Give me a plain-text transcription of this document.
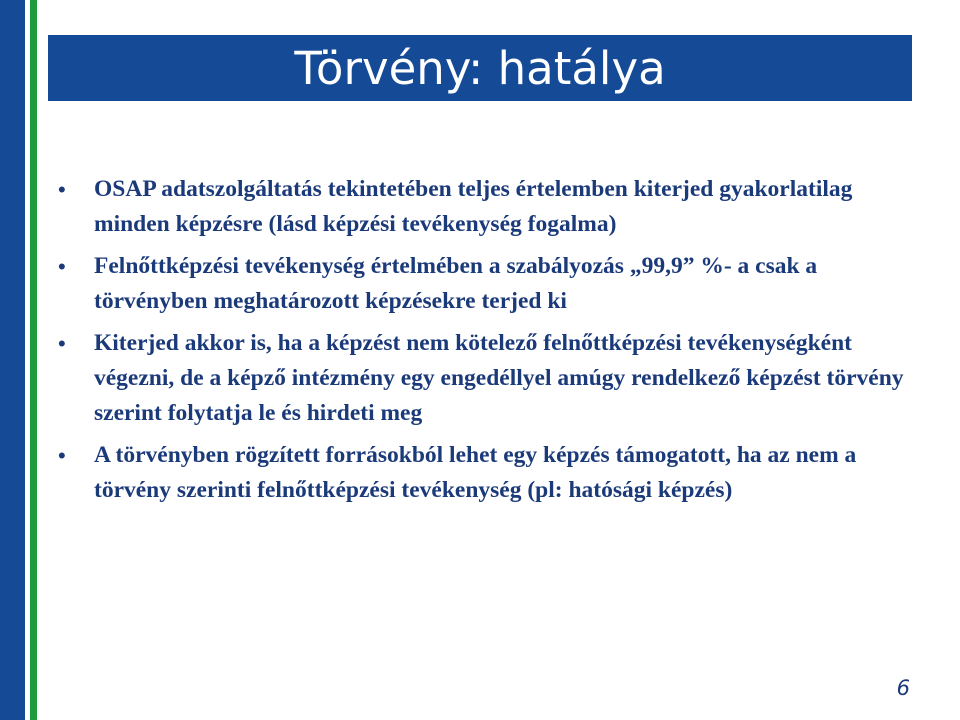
Törvény: hatálya
• OSAP adatszolgáltatás tekintetében teljes értelemben kiterjed gyakorlatilag minden képzésre (lásd képzési tevékenység fogalma)
• Felnőttképzési tevékenység értelmében a szabályozás „99,9” %- a csak a törvényben meghatározott képzésekre terjed ki
• Kiterjed akkor is, ha a képzést nem kötelező felnőttképzési tevékenységként végezni, de a képző intézmény egy engedéllyel amúgy rendelkező képzést törvény szerint folytatja le és hirdeti meg
• A törvényben rögzített forrásokból lehet egy képzés támogatott, ha az nem a törvény szerinti felnőttképzési tevékenység (pl: hatósági képzés)
6
